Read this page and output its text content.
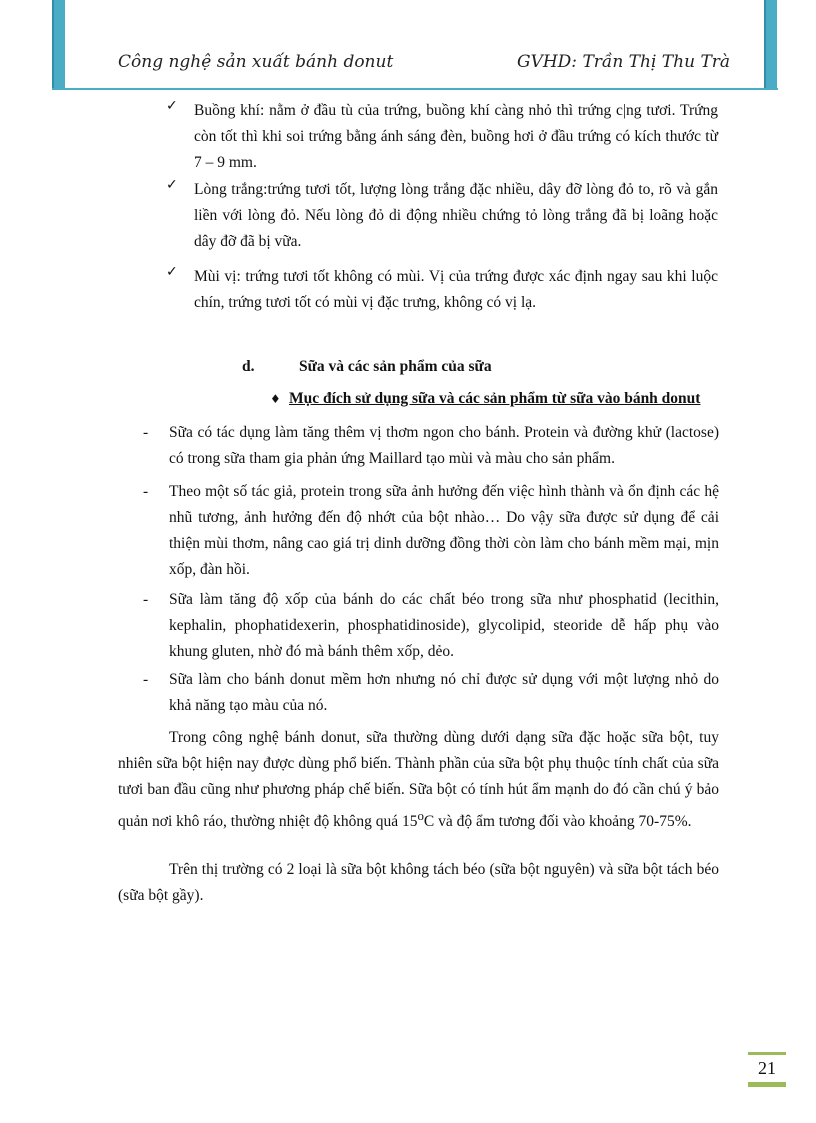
Công nghệ sản xuất bánh donut	GVHD: Trần Thị Thu Trà
✓ Buồng khí: nằm ở đầu tù của trứng, buồng khí càng nhỏ thì trứng c|ng tươi. Trứng còn tốt thì khi soi trứng bằng ánh sáng đèn, buồng hơi ở đầu trứng có kích thước từ 7 – 9 mm.

✓ Lòng trắng:trứng tươi tốt, lượng lòng trắng đặc nhiều, dây đỡ lòng đỏ to, rõ và gắn liền với lòng đỏ. Nếu lòng đỏ di động nhiều chứng tỏ lòng trắng đã bị loãng hoặc dây đỡ đã bị vữa.

✓ Mùi vị: trứng tươi tốt không có mùi. Vị của trứng được xác định ngay sau khi luộc chín, trứng tươi tốt có mùi vị đặc trưng, không có vị lạ.

d.	Sữa và các sản phẩm của sữa
♦ Mục đích sử dụng sữa và các sản phẩm từ sữa vào bánh donut
- Sữa có tác dụng làm tăng thêm vị thơm ngon cho bánh. Protein và đường khử (lactose) có trong sữa tham gia phản ứng Maillard tạo mùi và màu cho sản phẩm.

- Theo một số tác giả, protein trong sữa ảnh hưởng đến việc hình thành và ổn định các hệ nhũ tương, ảnh hưởng đến độ nhớt của bột nhào… Do vậy sữa được sử dụng để cải thiện mùi thơm, nâng cao giá trị dinh dưỡng đồng thời còn làm cho bánh mềm mại, mịn xốp, đàn hồi.

- Sữa làm tăng độ xốp của bánh do các chất béo trong sữa như phosphatid (lecithin, kephalin, phophatidexerin, phosphatidinoside), glycolipid, steoride dễ hấp phụ vào khung gluten, nhờ đó mà bánh thêm xốp, dẻo.

- Sữa làm cho bánh donut mềm hơn nhưng nó chỉ được sử dụng với một lượng nhỏ do khả năng tạo màu của nó.

Trong công nghệ bánh donut, sữa thường dùng dưới dạng sữa đặc hoặc sữa bột, tuy nhiên sữa bột hiện nay được dùng phổ biến. Thành phần của sữa bột phụ thuộc tính chất của sữa tươi ban đầu cũng như phương pháp chế biến. Sữa bột có tính hút ẩm mạnh do đó cần chú ý bảo quản nơi khô ráo, thường nhiệt độ không quá 15$^o$C và độ ẩm tương đối vào khoảng 70-75%.

Trên thị trường có 2 loại là sữa bột không tách béo (sữa bột nguyên) và sữa bột tách béo (sữa bột gầy).

21
